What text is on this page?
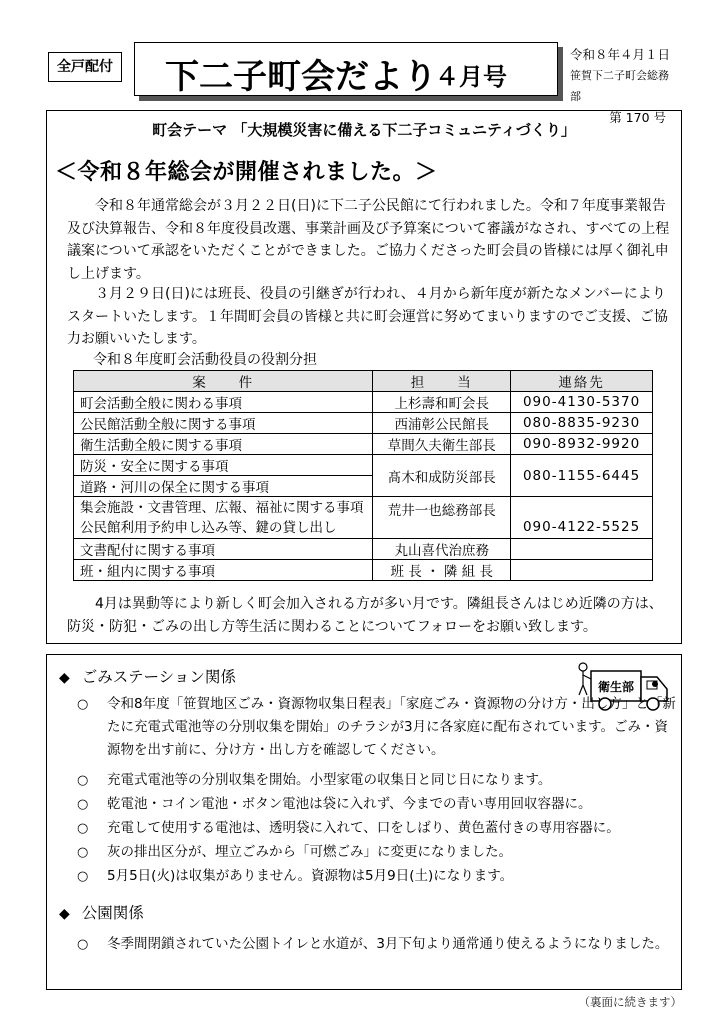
全戸配付 下二子町会だより
４月号
令和８年４月１日
笹賀下二子町会総務部
第 170 号
町会テーマ 「大規模災害に備える下二子コミュニティづくり」
＜令和８年総会が開催されました。＞

令和８年通常総会が３月２２日(日)に下二子公民館にて行われました。令和７年度事業報告及び決算報告、令和８年度役員改選、事業計画及び予算案について審議がなされ、すべての上程議案について承認をいただくことができました。ご協力くださった町会員の皆様には厚く御礼申し上げます。

３月２９日(日)には班長、役員の引継ぎが行われ、４月から新年度が新たなメンバーによりスタートいたします。１年間町会員の皆様と共に町会運営に努めてまいりますのでご支援、ご協力お願いいたします。

令和８年度町会活動役員の役割分担
案　　件	担　　当	連絡先
町会活動全般に関わる事項	上杉壽和町会長	090-4130-5370
公民館活動全般に関する事項	西浦彰公民館長	080-8835-9230
衛生活動全般に関する事項	草間久夫衛生部長	090-8932-9920
防災・安全に関する事項	髙木和成防災部長	080-1155-6445
道路・河川の保全に関する事項		

集会施設・文書管理、広報、福祉に関する事項
公民館利用予約申し込み等、鍵の貸し出し	荒井一也総務部長	090-4122-5525
文書配付に関する事項	丸山喜代治庶務	
班・組内に関する事項	班 長 ・ 隣 組 長	

4月は異動等により新しく町会加入される方が多い月です。隣組長さんはじめ近隣の方は、防災・防犯・ごみの出し方等生活に関わることについてフォローをお願い致します。

◆ ごみステーション関係
衛生部
○ 令和8年度「笹賀地区ごみ・資源物収集日程表」「家庭ごみ・資源物の分け方・出し方」と「新たに充電式電池等の分別収集を開始」のチラシが3月に各家庭に配布されています。ごみ・資源物を出す前に、分け方・出し方を確認してください。
○ 充電式電池等の分別収集を開始。小型家電の収集日と同じ日になります。
○ 乾電池・コイン電池・ボタン電池は袋に入れず、今までの青い専用回収容器に。
○ 充電して使用する電池は、透明袋に入れて、口をしばり、黄色蓋付きの専用容器に。
○ 灰の排出区分が、埋立ごみから「可燃ごみ」に変更になりました。
○ 5月5日(火)は収集がありません。資源物は5月9日(土)になります。
◆ 公園関係
○ 冬季間閉鎖されていた公園トイレと水道が、3月下旬より通常通り使えるようになりました。
（裏面に続きます）
